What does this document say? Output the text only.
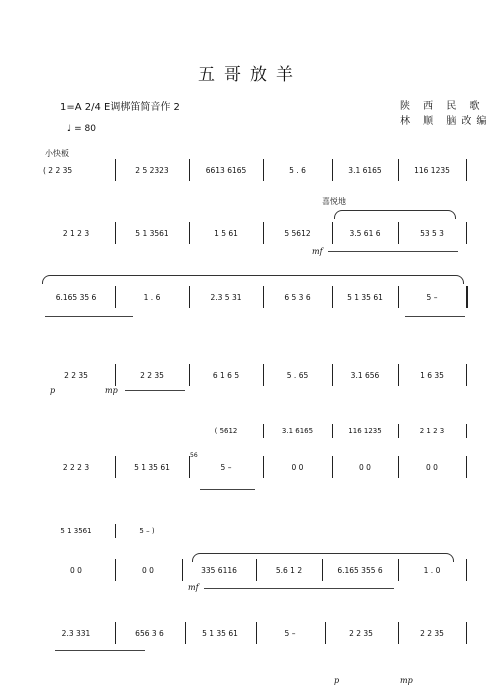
五哥放羊
1=A 2/4 E调梆笛简音作 2
♩ = 80
陕 西 民 歌
林 顺 脑改编
小快板
( 2 2 35	2 5 2323	6613 6165	5 . 6	3.1 6165	116 1235
喜悦地
2 1 2 3	5 1 3561	1 5 61	5 5612	3.5 61 6	53 5 3
mf
6.165 35 6	1 . 6	2.3 5 31	6 5 3 6	5 1 35 61	5 –
2 2 35	2 2 35	6 1 6 5	5 . 65	3.1 656	1 6 35
p	mp
( 5612	3.1 6165	116 1235	2 1 2 3
56
2 2 2 3	5 1 35 61	5 –	0 0	0 0	0 0
5 1 3561	5 – )
0 0	0 0	335 6116	5.6 1 2	6.165 355 6	1 . 0
mf
2.3 331	656 3 6	5 1 35 61	5 –	2 2 35	2 2 35
p	mp
